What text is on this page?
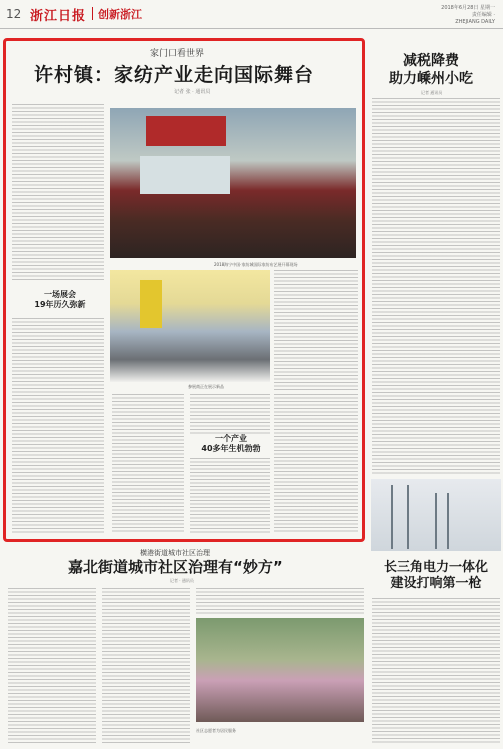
12 浙江日报 创新浙江	2018年6月28日 星期一
责任编辑 ·
ZHEJIANG DAILY
家门口看世界
许村镇：家纺产业走向国际舞台
记者 张 · 通讯员
一场展会
19年历久弥新
2018海宁中国·家纺城国际家纺布艺展开幕现场
参展商正在展示新品
一个产业
40多年生机勃勃
减税降费
助力嵊州小吃
记者 通讯员
长三角电力一体化
建设打响第一枪
横港街道城市社区治理
嘉北街道城市社区治理有“妙方”
记者 · 通讯员
社区志愿者为居民服务
